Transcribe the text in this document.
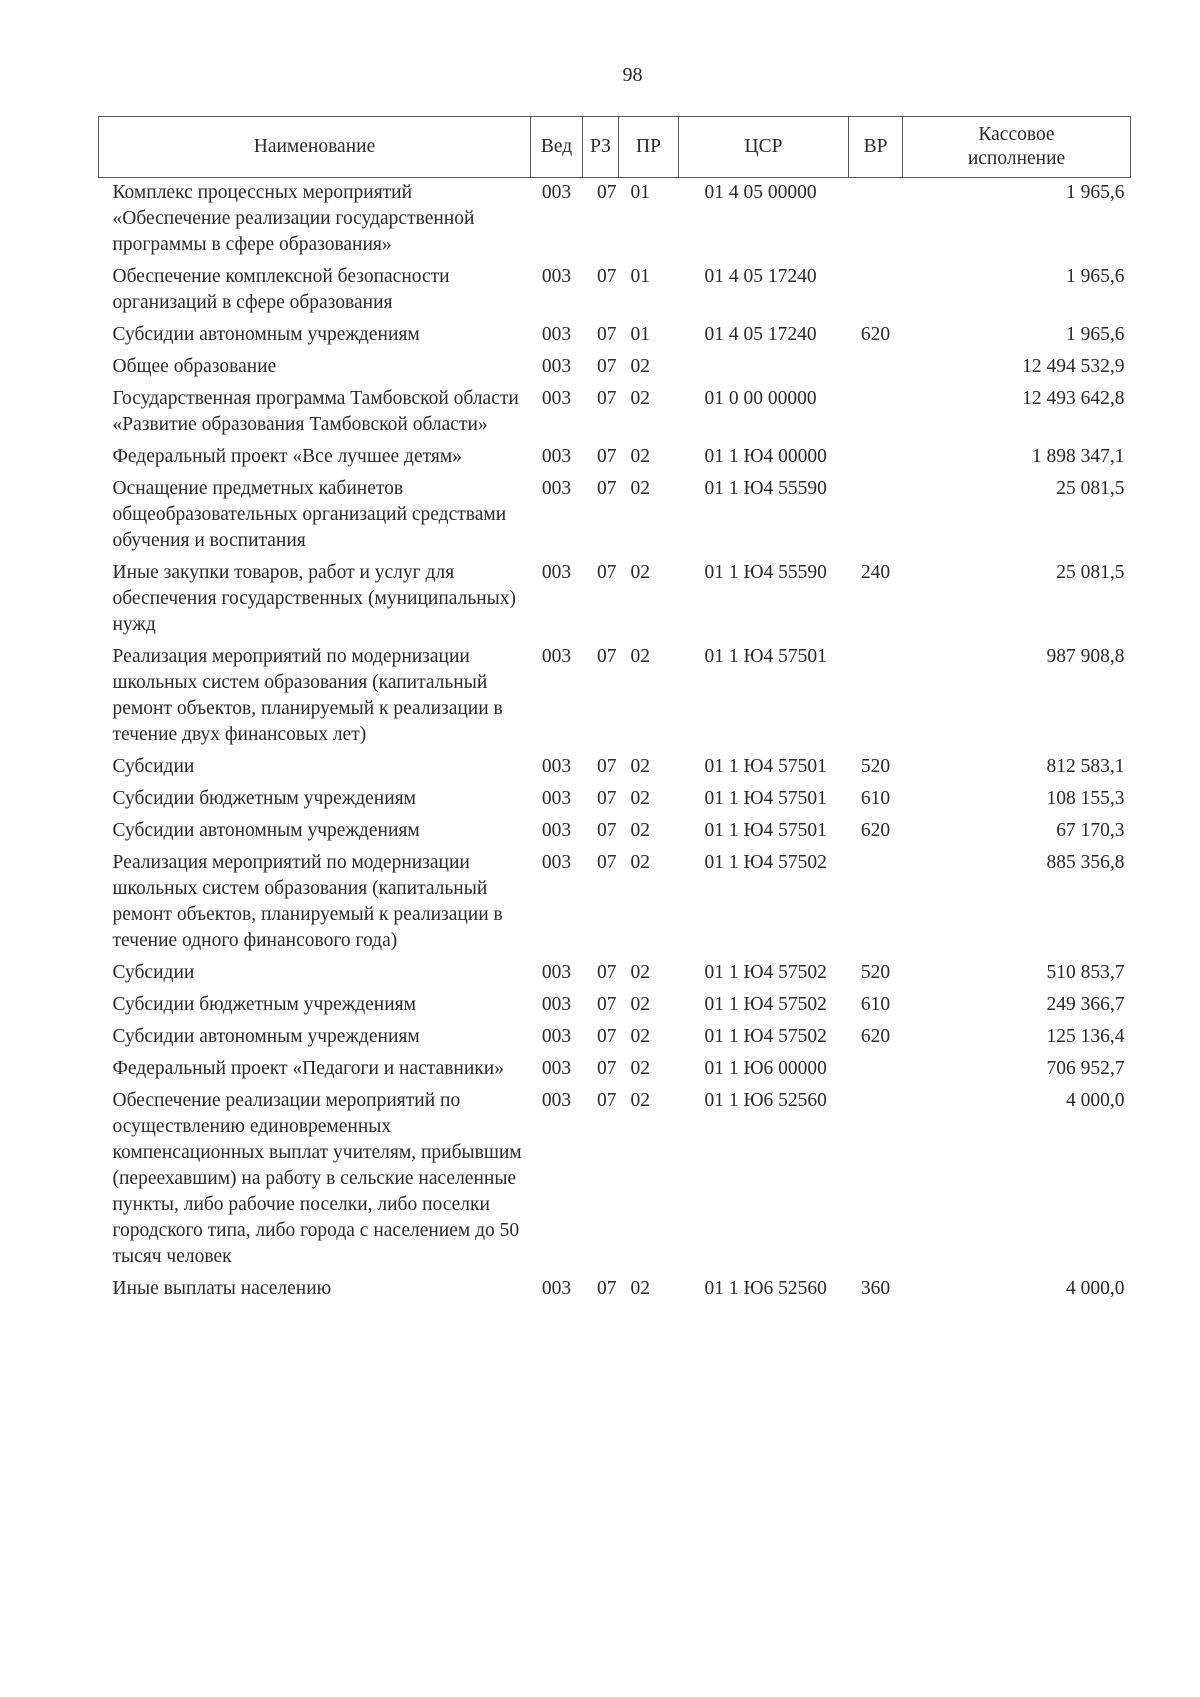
98
Наименование	Вед	РЗ	ПР	ЦСР	ВР	Кассовое исполнение
Комплекс процессных мероприятий «Обеспечение реализации государственной программы в сфере образования»	003	07	01	01 4 05 00000		1 965,6
Обеспечение комплексной безопасности организаций в сфере образования	003	07	01	01 4 05 17240		1 965,6
Субсидии автономным учреждениям	003	07	01	01 4 05 17240	620	1 965,6
Общее образование	003	07	02			12 494 532,9
Государственная программа Тамбовской области «Развитие образования Тамбовской области»	003	07	02	01 0 00 00000		12 493 642,8
Федеральный проект «Все лучшее детям»	003	07	02	01 1 Ю4 00000		1 898 347,1
Оснащение предметных кабинетов общеобразовательных организаций средствами обучения и воспитания	003	07	02	01 1 Ю4 55590		25 081,5
Иные закупки товаров, работ и услуг для обеспечения государственных (муниципальных) нужд	003	07	02	01 1 Ю4 55590	240	25 081,5
Реализация мероприятий по модернизации школьных систем образования (капитальный ремонт объектов, планируемый к реализации в течение двух финансовых лет)	003	07	02	01 1 Ю4 57501		987 908,8
Субсидии	003	07	02	01 1 Ю4 57501	520	812 583,1
Субсидии бюджетным учреждениям	003	07	02	01 1 Ю4 57501	610	108 155,3
Субсидии автономным учреждениям	003	07	02	01 1 Ю4 57501	620	67 170,3
Реализация мероприятий по модернизации школьных систем образования (капитальный ремонт объектов, планируемый к реализации в течение одного финансового года)	003	07	02	01 1 Ю4 57502		885 356,8
Субсидии	003	07	02	01 1 Ю4 57502	520	510 853,7
Субсидии бюджетным учреждениям	003	07	02	01 1 Ю4 57502	610	249 366,7
Субсидии автономным учреждениям	003	07	02	01 1 Ю4 57502	620	125 136,4
Федеральный проект «Педагоги и наставники»	003	07	02	01 1 Ю6 00000		706 952,7
Обеспечение реализации мероприятий по осуществлению единовременных компенсационных выплат учителям, прибывшим (переехавшим) на работу в сельские населенные пункты, либо рабочие поселки, либо поселки городского типа, либо города с населением до 50 тысяч человек	003	07	02	01 1 Ю6 52560		4 000,0
Иные выплаты населению	003	07	02	01 1 Ю6 52560	360	4 000,0
